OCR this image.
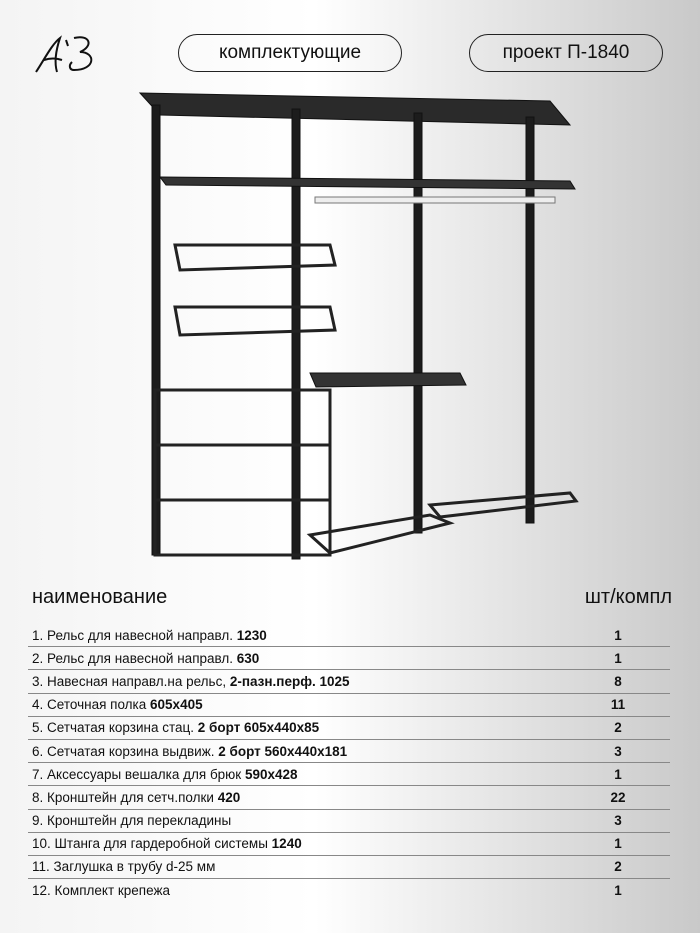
комплектующие	проект П-1840
наименование	шт/компл
1. Рельс для навесной направл. 1230	1
2. Рельс для навесной направл. 630	1
3. Навесная направл.на рельс, 2-пазн.перф. 1025	8
4. Сеточная полка 605x405	11
5. Сетчатая корзина стац. 2 борт 605x440x85	2
6. Сетчатая корзина выдвиж. 2 борт 560x440x181	3
7. Аксессуары вешалка для брюк 590x428	1
8. Кронштейн для сетч.полки 420	22
9. Кронштейн для перекладины	3
10. Штанга для гардеробной системы 1240	1
11. Заглушка в трубу d-25 мм	2
12. Комплект крепежа	1
